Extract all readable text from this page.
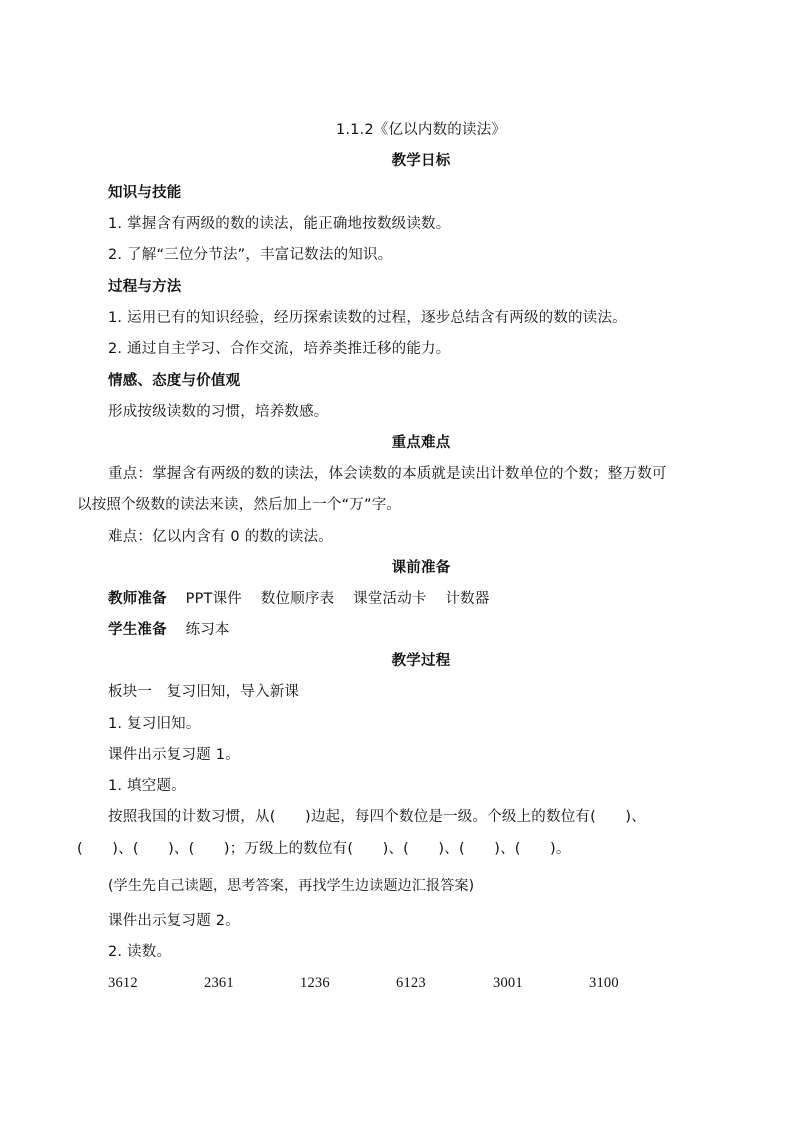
1.1.2《亿以内数的读法》
教学日标
知识与技能
1. 掌握含有两级的数的读法，能正确地按数级读数。
2. 了解“三位分节法”，丰富记数法的知识。
过程与方法
1. 运用已有的知识经验，经历探索读数的过程，逐步总结含有两级的数的读法。
2. 通过自主学习、合作交流，培养类推迁移的能力。
情感、态度与价值观
形成按级读数的习惯，培养数感。
重点难点
重点：掌握含有两级的数的读法，体会读数的本质就是读出计数单位的个数；整万数可
以按照个级数的读法来读，然后加上一个“万”字。
难点：亿以内含有 0 的数的读法。
课前准备
教师准备 PPT课件 数位顺序表 课堂活动卡 计数器
学生准备 练习本
教学过程
板块一　复习旧知，导入新课
1. 复习旧知。
课件出示复习题 1。
1. 填空题。
按照我国的计数习惯，从(　　)边起，每四个数位是一级。个级上的数位有(　　)、
(　　)、(　　)、(　　)；万级上的数位有(　　)、(　　)、(　　)、(　　)。
(学生先自己读题，思考答案，再找学生边读题边汇报答案)
课件出示复习题 2。
2. 读数。
3612	2361	1236	6123	3001	3100
